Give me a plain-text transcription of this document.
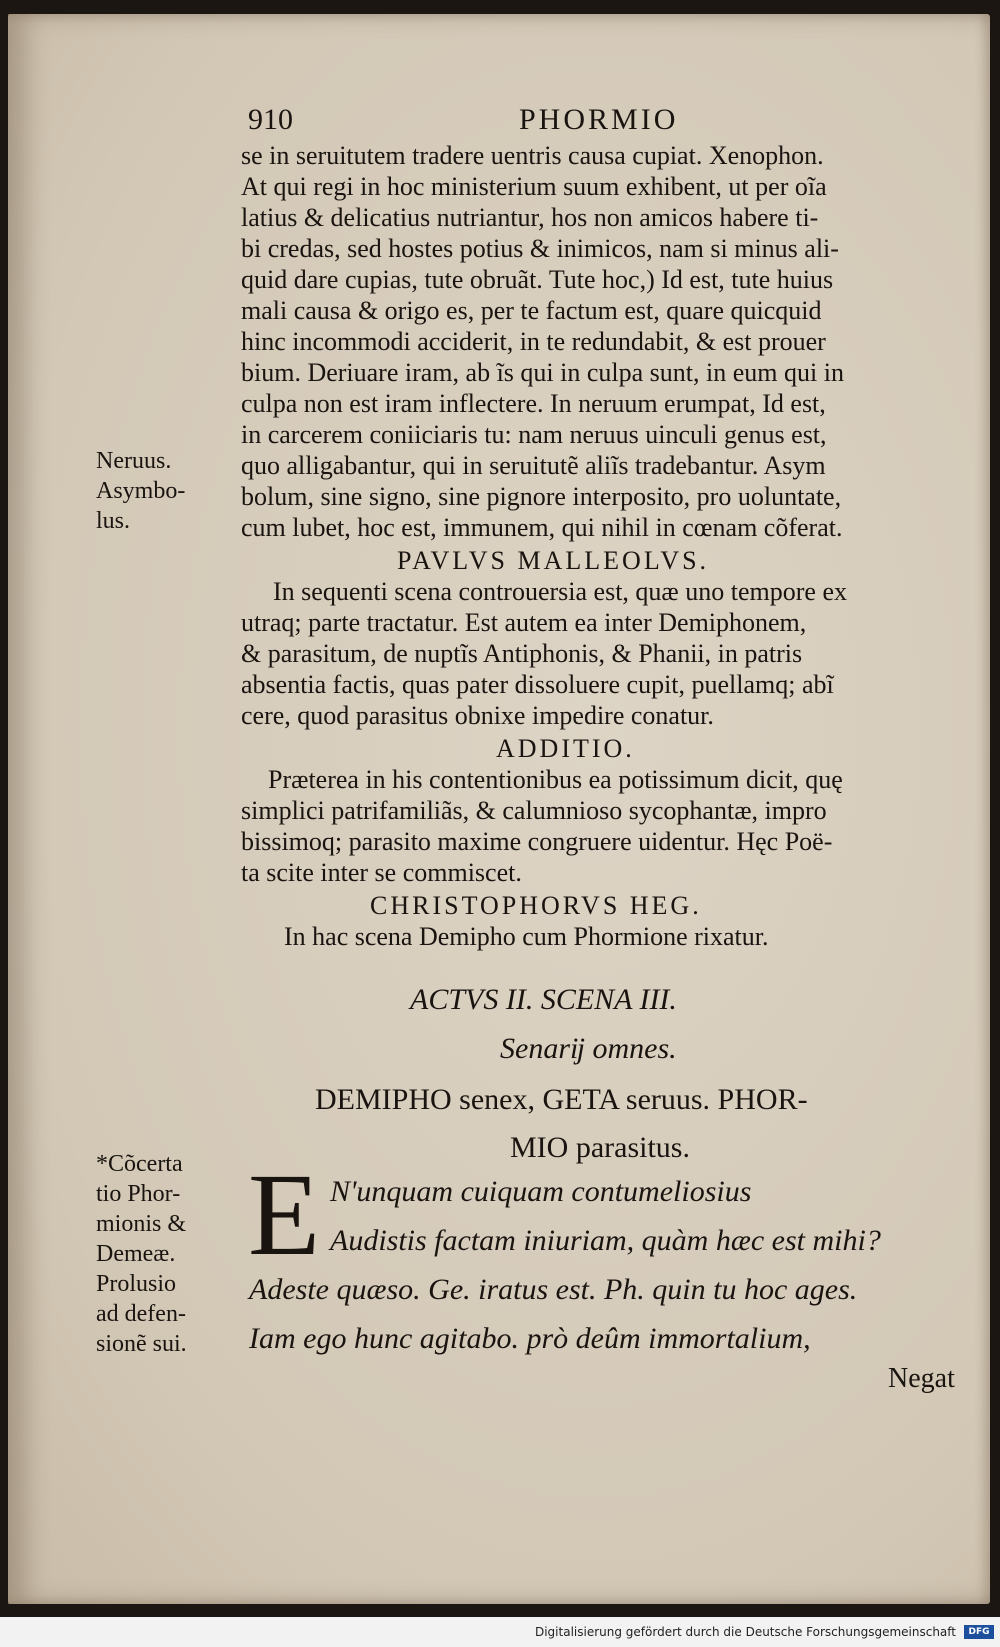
910	PHORMIO
se in seruitutem tradere uentris causa cupiat. Xenophon.
At qui regi in hoc ministerium suum exhibent, ut per oĩa
latius & delicatius nutriantur, hos non amicos habere ti-
bi credas, sed hostes potius & inimicos, nam si minus ali-
quid dare cupias, tute obruãt. Tute hoc,) Id est, tute huius
mali causa & origo es, per te factum est, quare quicquid
hinc incommodi acciderit, in te redundabit, & est prouer
bium. Deriuare iram, ab ĩs qui in culpa sunt, in eum qui in
culpa non est iram inflectere. In neruum erumpat, Id est,
in carcerem coniiciaris tu: nam neruus uinculi genus est,
quo alligabantur, qui in seruitutẽ aliĩs tradebantur. Asym
bolum, sine signo, sine pignore interposito, pro uoluntate,
cum lubet, hoc est, immunem, qui nihil in cœnam cõferat.
PAVLVS MALLEOLVS.
In sequenti scena controuersia est, quæ uno tempore ex
utraq; parte tractatur. Est autem ea inter Demiphonem,
& parasitum, de nuptĩs Antiphonis, & Phanii, in patris
absentia factis, quas pater dissoluere cupit, puellamq; abĩ
cere, quod parasitus obnixe impedire conatur.
ADDITIO.
Præterea in his contentionibus ea potissimum dicit, quę
simplici patrifamiliãs, & calumnioso sycophantæ, impro
bissimoq; parasito maxime congruere uidentur. Hęc Poë-
ta scite inter se commiscet.
CHRISTOPHORVS HEG.
In hac scena Demipho cum Phormione rixatur.
ACTVS II. SCENA III.
Senarĳ omnes.
DEMIPHO senex, GETA seruus. PHOR-
MIO parasitus.
E N'unquam cuiquam contumeliosius
Audistis factam iniuriam, quàm hæc est mihi?
Adeste quæso. Ge. iratus est. Ph. quin tu hoc ages.
Iam ego hunc agitabo. prò deûm immortalium,
Negat
Neruus.
Asymbo-
lus.
*Cõcerta
tio Phor-
mionis &
Demeæ.
Prolusio
ad defen-
sionẽ sui.
Digitalisierung gefördert durch die Deutsche Forschungsgemeinschaft	DFG
